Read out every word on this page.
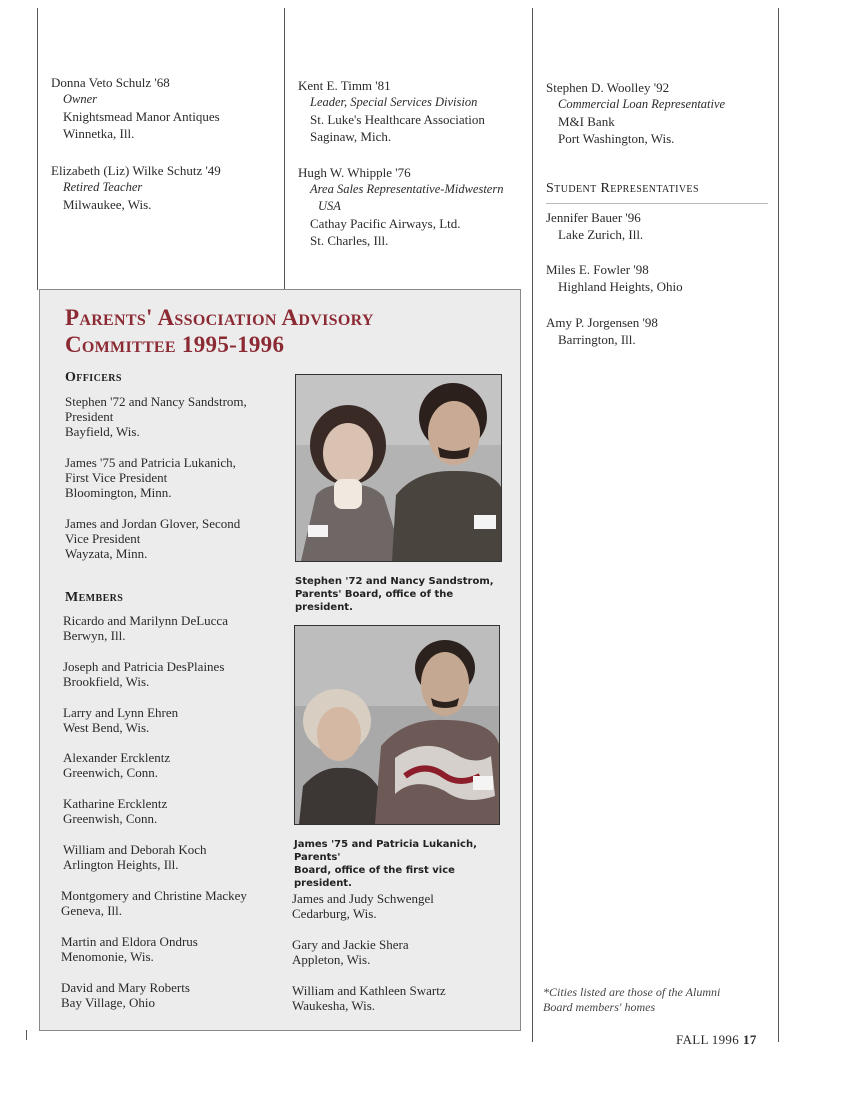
Donna Veto Schulz '68
Owner
Knightsmead Manor Antiques
Winnetka, Ill.
Elizabeth (Liz) Wilke Schutz '49
Retired Teacher
Milwaukee, Wis.
Kent E. Timm '81
Leader, Special Services Division
St. Luke's Healthcare Association
Saginaw, Mich.
Hugh W. Whipple '76
Area Sales Representative-Midwestern
USA
Cathay Pacific Airways, Ltd.
St. Charles, Ill.
Stephen D. Woolley '92
Commercial Loan Representative
M&I Bank
Port Washington, Wis.
Student Representatives
Jennifer Bauer '96
Lake Zurich, Ill.
Miles E. Fowler '98
Highland Heights, Ohio
Amy P. Jorgensen '98
Barrington, Ill.
Parents' Association Advisory
Committee 1995-1996
Officers
Stephen '72 and Nancy Sandstrom,
President
Bayfield, Wis.
James '75 and Patricia Lukanich,
First Vice President
Bloomington, Minn.
James and Jordan Glover, Second
Vice President
Wayzata, Minn.
Members
Ricardo and Marilynn DeLucca
Berwyn, Ill.
Joseph and Patricia DesPlaines
Brookfield, Wis.
Larry and Lynn Ehren
West Bend, Wis.
Alexander Ercklentz
Greenwich, Conn.
Katharine Ercklentz
Greenwish, Conn.
William and Deborah Koch
Arlington Heights, Ill.
Montgomery and Christine Mackey
Geneva, Ill.
Martin and Eldora Ondrus
Menomonie, Wis.
David and Mary Roberts
Bay Village, Ohio
Stephen '72 and Nancy Sandstrom,
Parents' Board, office of the president.
James '75 and Patricia Lukanich, Parents'
Board, office of the first vice president.
James and Judy Schwengel
Cedarburg, Wis.
Gary and Jackie Shera
Appleton, Wis.
William and Kathleen Swartz
Waukesha, Wis.
*Cities listed are those of the Alumni
Board members' homes
FALL 1996 17
